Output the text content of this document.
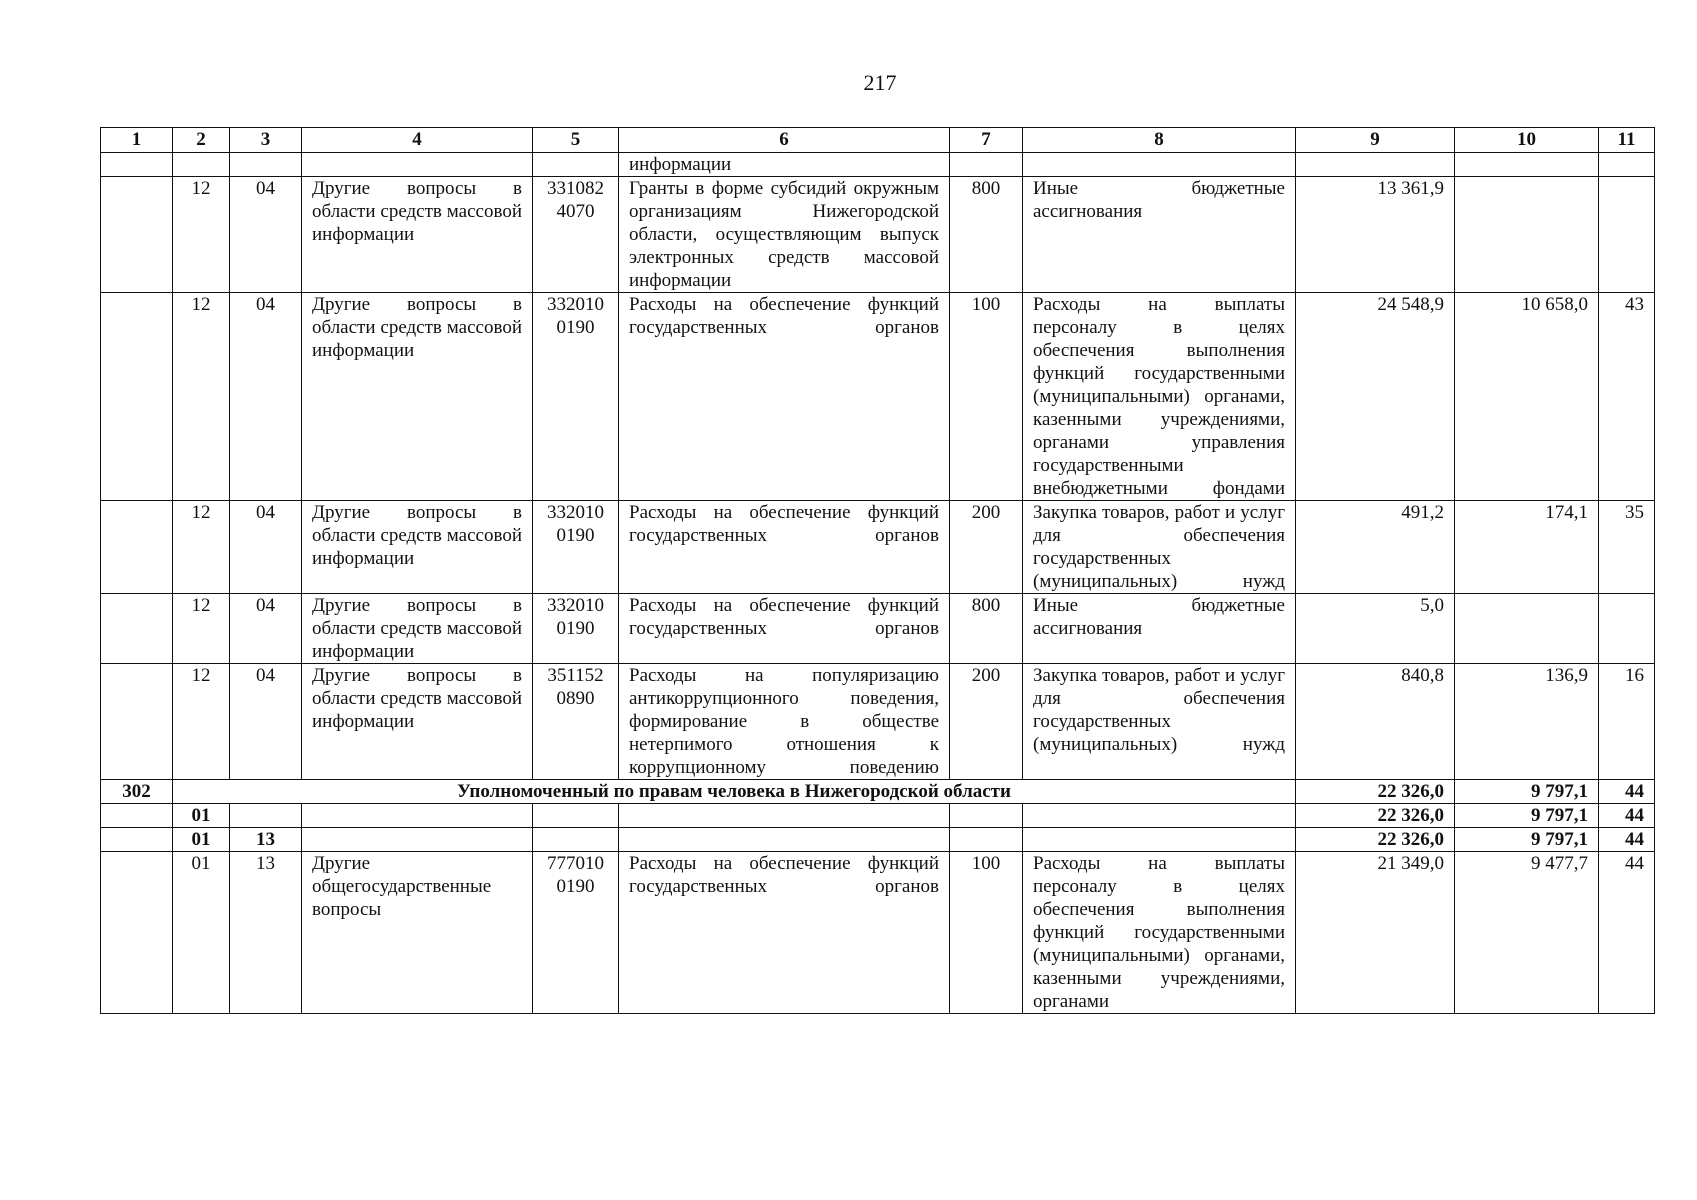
217
1	2	3	4	5	6	7	8	9	10	11
					информации					
	12	04	Другие вопросы в области средств массовой информации	331082 4070	Гранты в форме субсидий окружным организациям Нижегородской области, осуществляющим выпуск электронных средств массовой информации	800	Иные бюджетные ассигнования	13 361,9		
	12	04	Другие вопросы в области средств массовой информации	332010 0190	Расходы на обеспечение функций государственных органов	100	Расходы на выплаты персоналу в целях обеспечения выполнения функций государственными (муниципальными) органами, казенными учреждениями, органами управления государственными внебюджетными фондами	24 548,9	10 658,0	43
	12	04	Другие вопросы в области средств массовой информации	332010 0190	Расходы на обеспечение функций государственных органов	200	Закупка товаров, работ и услуг для обеспечения государственных (муниципальных) нужд	491,2	174,1	35
	12	04	Другие вопросы в области средств массовой информации	332010 0190	Расходы на обеспечение функций государственных органов	800	Иные бюджетные ассигнования	5,0		
	12	04	Другие вопросы в области средств массовой информации	351152 0890	Расходы на популяризацию антикоррупционного поведения, формирование в обществе нетерпимого отношения к коррупционному поведению	200	Закупка товаров, работ и услуг для обеспечения государственных (муниципальных) нужд	840,8	136,9	16
302	Уполномоченный по правам человека в Нижегородской области							22 326,0	9 797,1	44
	01							22 326,0	9 797,1	44
	01	13						22 326,0	9 797,1	44
	01	13	Другие общегосударственные вопросы	777010 0190	Расходы на обеспечение функций государственных органов	100	Расходы на выплаты персоналу в целях обеспечения выполнения функций государственными (муниципальными) органами, казенными учреждениями, органами	21 349,0	9 477,7	44
